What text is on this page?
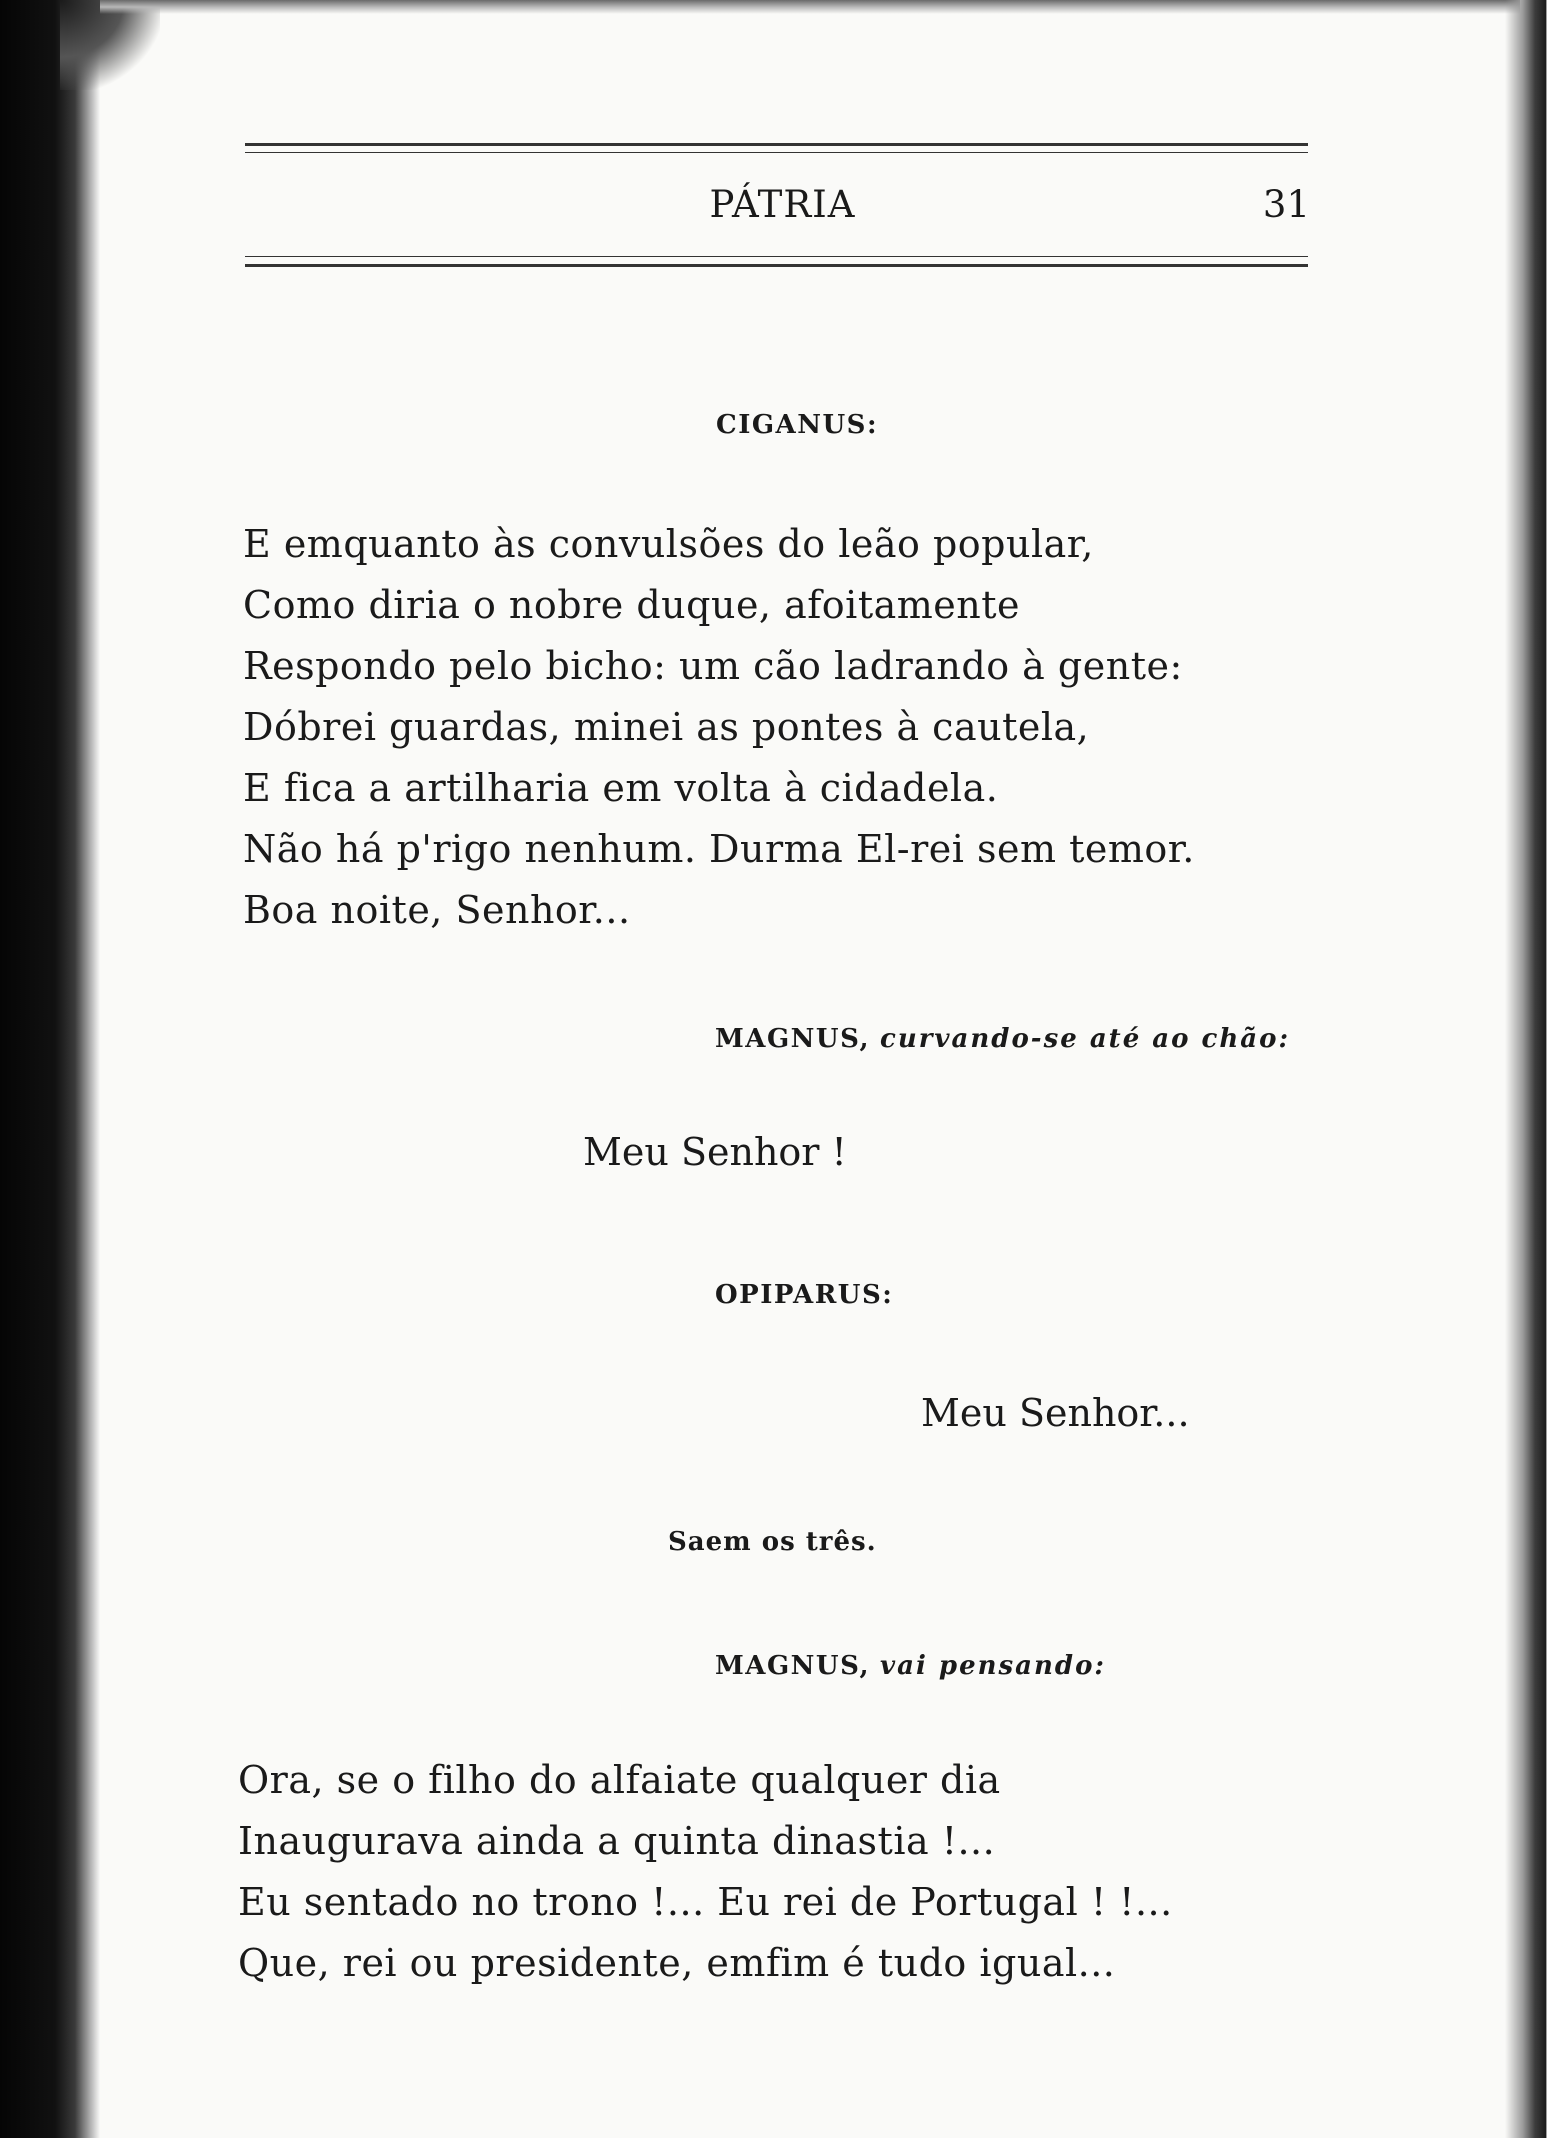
PÁTRIA	31
CIGANUS:
E emquanto às convulsões do leão popular,
Como diria o nobre duque, afoitamente
Respondo pelo bicho: um cão ladrando à gente:
Dóbrei guardas, minei as pontes à cautela,
E fica a artilharia em volta à cidadela.
Não há p'rigo nenhum. Durma El-rei sem temor.
Boa noite, Senhor...
MAGNUS, curvando-se até ao chão:
Meu Senhor !
OPIPARUS:
Meu Senhor...
Saem os três.
MAGNUS, vai pensando:
Ora, se o filho do alfaiate qualquer dia
Inaugurava ainda a quinta dinastia !...
Eu sentado no trono !... Eu rei de Portugal ! !...
Que, rei ou presidente, emfim é tudo igual...
